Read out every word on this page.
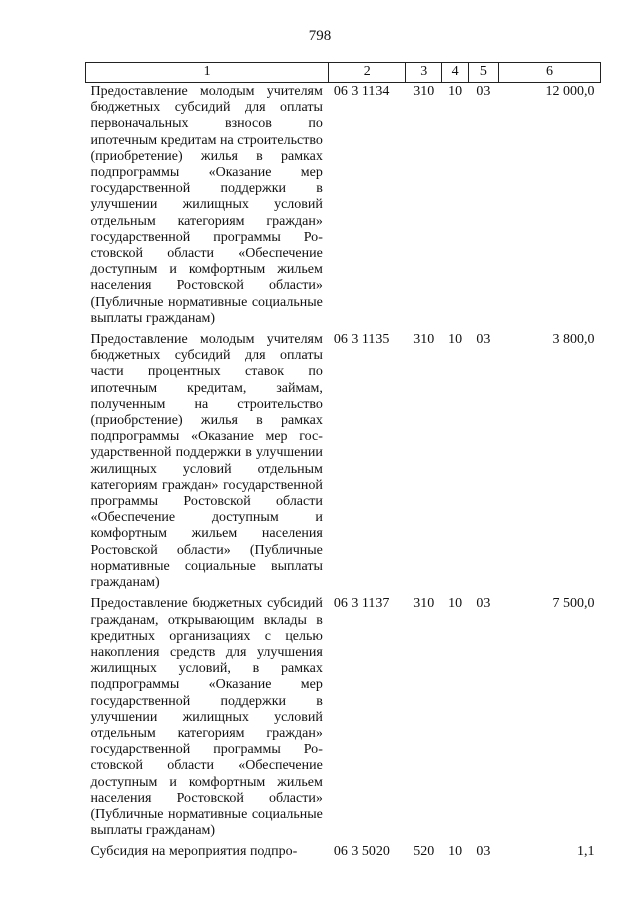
798
1	2	3	4	5	6
Предоставление молодым учителям бюджетных субсидий для оплаты первоначальных взносов по ипотечным кредитам на строительство (приобретение) жилья в рамках подпрограммы «Оказание мер государственной поддержки в улучшении жилищных условий отдельным категориям граждан» государственной программы Ростовской области «Обеспечение доступным и комфортным жильем населения Ростовской области» (Публичные нормативные социальные выплаты гражданам)	06 3 1134	310	10	03	12 000,0
Предоставление молодым учителям бюджетных субсидий для оплаты части процентных ставок по ипотечным кредитам, займам, полученным на строительство (приобрстение) жилья в рамках подпрограммы «Оказание мер государственной поддержки в улучшении жилищных условий отдельным категориям граждан» государственной программы Ростовской области «Обеспечение доступным и комфортным жильем населения Ростовской области» (Публичные нормативные социальные выплаты гражданам)	06 3 1135	310	10	03	3 800,0
Предоставление бюджетных субсидий гражданам, открывающим вклады в кредитных организациях с целью накопления средств для улучшения жилищных условий, в рамках подпрограммы «Оказание мер государственной поддержки в улучшении жилищных условий отдельным категориям граждан» государственной программы Ростовской области «Обеспечение доступным и комфортным жильем населения Ростовской области» (Публичные нормативные социальные выплаты гражданам)	06 3 1137	310	10	03	7 500,0
Субсидия на мероприятия подпро-	06 3 5020	520	10	03	1,1
